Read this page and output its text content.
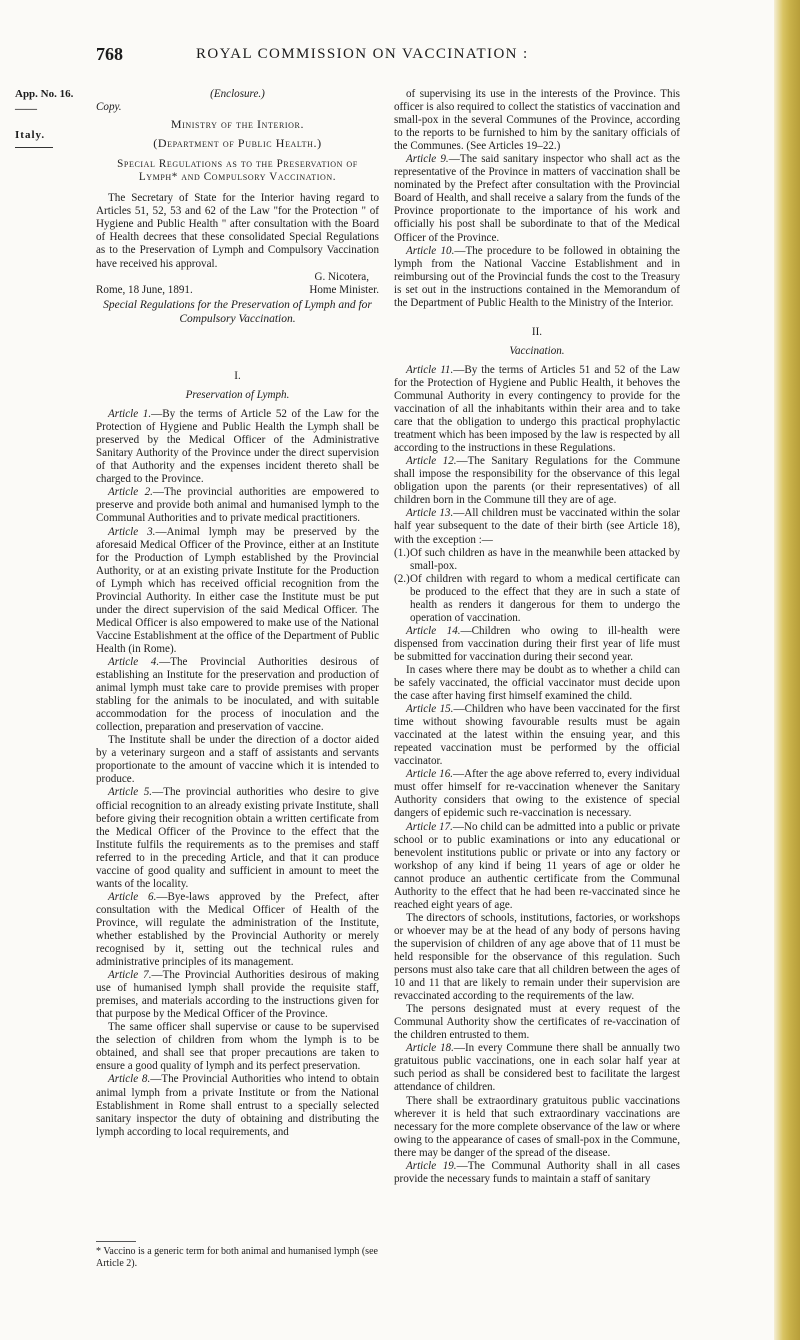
768	ROYAL COMMISSION ON VACCINATION :
App. No. 16.
——
Italy.

(Enclosure.)

Copy.

Ministry of the Interior.

(Department of Public Health.)

Special Regulations as to the Preservation of Lymph* and Compulsory Vaccination.

The Secretary of State for the Interior having regard to Articles 51, 52, 53 and 62 of the Law "for the Protection " of Hygiene and Public Health " after consultation with the Board of Health decrees that these consolidated Special Regulations as to the Preservation of Lymph and Compulsory Vaccination have received his approval.

G. Nicotera,

Rome, 18 June, 1891.	Home Minister.

Special Regulations for the Preservation of Lymph and for Compulsory Vaccination.

I.

Preservation of Lymph.

Article 1.—By the terms of Article 52 of the Law for the Protection of Hygiene and Public Health the Lymph shall be preserved by the Medical Officer of the Administrative Sanitary Authority of the Province under the direct supervision of that Authority and the expenses incident thereto shall be charged to the Province.

Article 2.—The provincial authorities are empowered to preserve and provide both animal and humanised lymph to the Communal Authorities and to private medical practitioners.

Article 3.—Animal lymph may be preserved by the aforesaid Medical Officer of the Province, either at an Institute for the Production of Lymph established by the Provincial Authority, or at an existing private Institute for the Production of Lymph which has received official recognition from the Provincial Authority. In either case the Institute must be put under the direct supervision of the said Medical Officer. The Medical Officer is also empowered to make use of the National Vaccine Establishment at the office of the Department of Public Health (in Rome).

Article 4.—The Provincial Authorities desirous of establishing an Institute for the preservation and production of animal lymph must take care to provide premises with proper stabling for the animals to be inoculated, and with suitable accommodation for the process of inoculation and the collection, preparation and preservation of vaccine.

The Institute shall be under the direction of a doctor aided by a veterinary surgeon and a staff of assistants and servants proportionate to the amount of vaccine which it is intended to produce.

Article 5.—The provincial authorities who desire to give official recognition to an already existing private Institute, shall before giving their recognition obtain a written certificate from the Medical Officer of the Province to the effect that the Institute fulfils the requirements as to the premises and staff referred to in the preceding Article, and that it can produce vaccine of good quality and sufficient in amount to meet the wants of the locality.

Article 6.—Bye-laws approved by the Prefect, after consultation with the Medical Officer of Health of the Province, will regulate the administration of the Institute, whether established by the Provincial Authority or merely recognised by it, setting out the technical rules and administrative principles of its management.

Article 7.—The Provincial Authorities desirous of making use of humanised lymph shall provide the requisite staff, premises, and materials according to the instructions given for that purpose by the Medical Officer of the Province.

The same officer shall supervise or cause to be supervised the selection of children from whom the lymph is to be obtained, and shall see that proper precautions are taken to ensure a good quality of lymph and its perfect preservation.

Article 8.—The Provincial Authorities who intend to obtain animal lymph from a private Institute or from the National Establishment in Rome shall entrust to a specially selected sanitary inspector the duty of obtaining and distributing the lymph according to local requirements, and

* Vaccino is a generic term for both animal and humanised lymph (see Article 2).

of supervising its use in the interests of the Province. This officer is also required to collect the statistics of vaccination and small-pox in the several Communes of the Province, according to the reports to be furnished to him by the sanitary officials of the Communes. (See Articles 19–22.)

Article 9.—The said sanitary inspector who shall act as the representative of the Province in matters of vaccination shall be nominated by the Prefect after consultation with the Provincial Board of Health, and shall receive a salary from the funds of the Province proportionate to the importance of his work and officially his post shall be subordinate to that of the Medical Officer of the Province.

Article 10.—The procedure to be followed in obtaining the lymph from the National Vaccine Establishment and in reimbursing out of the Provincial funds the cost to the Treasury is set out in the instructions contained in the Memorandum of the Department of Public Health to the Ministry of the Interior.

II.

Vaccination.

Article 11.—By the terms of Articles 51 and 52 of the Law for the Protection of Hygiene and Public Health, it behoves the Communal Authority in every contingency to provide for the vaccination of all the inhabitants within their area and to take care that the obligation to undergo this practical prophylactic treatment which has been imposed by the law is respected by all according to the instructions in these Regulations.

Article 12.—The Sanitary Regulations for the Commune shall impose the responsibility for the observance of this legal obligation upon the parents (or their representatives) of all children born in the Commune till they are of age.

Article 13.—All children must be vaccinated within the solar half year subsequent to the date of their birth (see Article 18), with the exception :—

(1.) Of such children as have in the meanwhile been attacked by small-pox.

(2.) Of children with regard to whom a medical certificate can be produced to the effect that they are in such a state of health as renders it dangerous for them to undergo the operation of vaccination.

Article 14.—Children who owing to ill-health were dispensed from vaccination during their first year of life must be submitted for vaccination during their second year.

In cases where there may be doubt as to whether a child can be safely vaccinated, the official vaccinator must decide upon the case after having first himself examined the child.

Article 15.—Children who have been vaccinated for the first time without showing favourable results must be again vaccinated at the latest within the ensuing year, and this repeated vaccination must be performed by the official vaccinator.

Article 16.—After the age above referred to, every individual must offer himself for re-vaccination whenever the Sanitary Authority considers that owing to the existence of special dangers of epidemic such re-vaccination is necessary.

Article 17.—No child can be admitted into a public or private school or to public examinations or into any educational or benevolent institutions public or private or into any factory or workshop of any kind if being 11 years of age or older he cannot produce an authentic certificate from the Communal Authority to the effect that he had been re-vaccinated since he reached eight years of age.

The directors of schools, institutions, factories, or workshops or whoever may be at the head of any body of persons having the supervision of children of any age above that of 11 must be held responsible for the observance of this regulation. Such persons must also take care that all children between the ages of 10 and 11 that are likely to remain under their supervision are revaccinated according to the requirements of the law.

The persons designated must at every request of the Communal Authority show the certificates of re-vaccination of the children entrusted to them.

Article 18.—In every Commune there shall be annually two gratuitous public vaccinations, one in each solar half year at such period as shall be considered best to facilitate the largest attendance of children.

There shall be extraordinary gratuitous public vaccinations wherever it is held that such extraordinary vaccinations are necessary for the more complete observance of the law or where owing to the appearance of cases of small-pox in the Commune, there may be danger of the spread of the disease.

Article 19.—The Communal Authority shall in all cases provide the necessary funds to maintain a staff of sanitary
